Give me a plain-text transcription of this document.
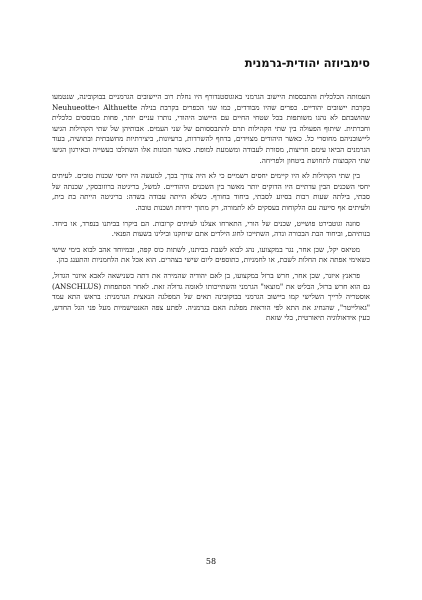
סימביוזה יהודית-גרמנית

העמותה הכלכלית והתבססות היישוב הגרמני באוגוסטנדורף היו נחלת רוב היישובים הגרמניים בבוקובינה, שנטמעו בקרבת יישובים יהודיים. כפרים שהיו מבודדים, כמו שני הכפרים בקרבת בנילה Althuette ו-Neuhueotte שהושבתם לא נהנו משותפות בכל שטחי החיים עם היישוב היהודי, נותרו עניים יותר, פחות מבוססים כלכלית וחברתית. שיתוף הפעולה בין שתי הקהילות תרם להתבססותם של שני העמים. אבותיהן של שתי הקהילות הגיעו ליישובניהם מחוסרי כל. כאשר היהודים מצוידים, בדחף להשרדות, ברעיונות, ביצירתיות מחשבתית ובתושיה, בעוד הגרמנים הביאו עימם חריצות, מסורת לעבודה ומשמעת למופת. כאשר תכונות אלו השתלבו בעשייה ובאירגון הגיעו שתי הקבוצות לתחושת ביטחון ולפריחה.

בין שתי הקהילות לא היו קיימים יחסים רשמיים כי לא היה צורך בכך, למעשה היו יחסי שכנות טובים. לעיתים יחסי השכנים הבין עדתיים היו הדוקים יותר מאשר בין השכנים היהודיים. למשל, בריגיטה ברוזובסקי, שכנתה של סבתי, בילתה שעות רבות בסיוע לסבתי, ביחוד בחורף. כשלא הייתה עבודה בשדה: בריגיטה הייתה בת בית, ולעיתים אף סייעה עם הלקוחות בעסקים לא לתמורה, רק מתוך ידידות ושכנות טובה.

סוזנה וגוטבירט פושייט, שכנים של הורי, התארחו אצלנו לעיתים קרובות. הם ביקרו בביתנו בנפרד, או ביחד. בנותיהם, וביחוד הבת הבכורה ונדה, השתייכו לחוג הילדים אתם שיחקנו ובילינו בשעות הפנאי.

מטיאס יקל, שכן אחר, נגר במקצועו, נהג לבוא לשבת בביתנו, לשתות כוס קפה, ובמיוחד אהב לבוא בימי שישי כשאימי אפתה את החלות לשבת, או לחמניות, כתוספים ליום שישי בצהרים. הוא אכל את הלחמניות והתענג בהן.

פראנץ איזנר, שכן אחר, חרש ברזל במקצועו, בן לאם יהודיה שהמירה את דתה כשנישאה לאבא איזנר הגדול, גם הוא חרש ברזל, הבליט את "מוצאו" הגרמני והשתייכותו לאומה גדולה זאת. לאחר הסתפחות (ANSCHLUS) אוסטריה לרייך השלישי קמו ביישוב הגרמני בבוקובינה תאים של המפלגה הנאצית הגרמנית: בראש התא עמד "גאולייטר", שהנחיג את התא לפי הוראות מפלגת האם בגרמניה. לפתע צפה האנטישמיות מעל פני הגל החדש, כעין אידאולוגיה תיאורטית, בלי שזאת

58
